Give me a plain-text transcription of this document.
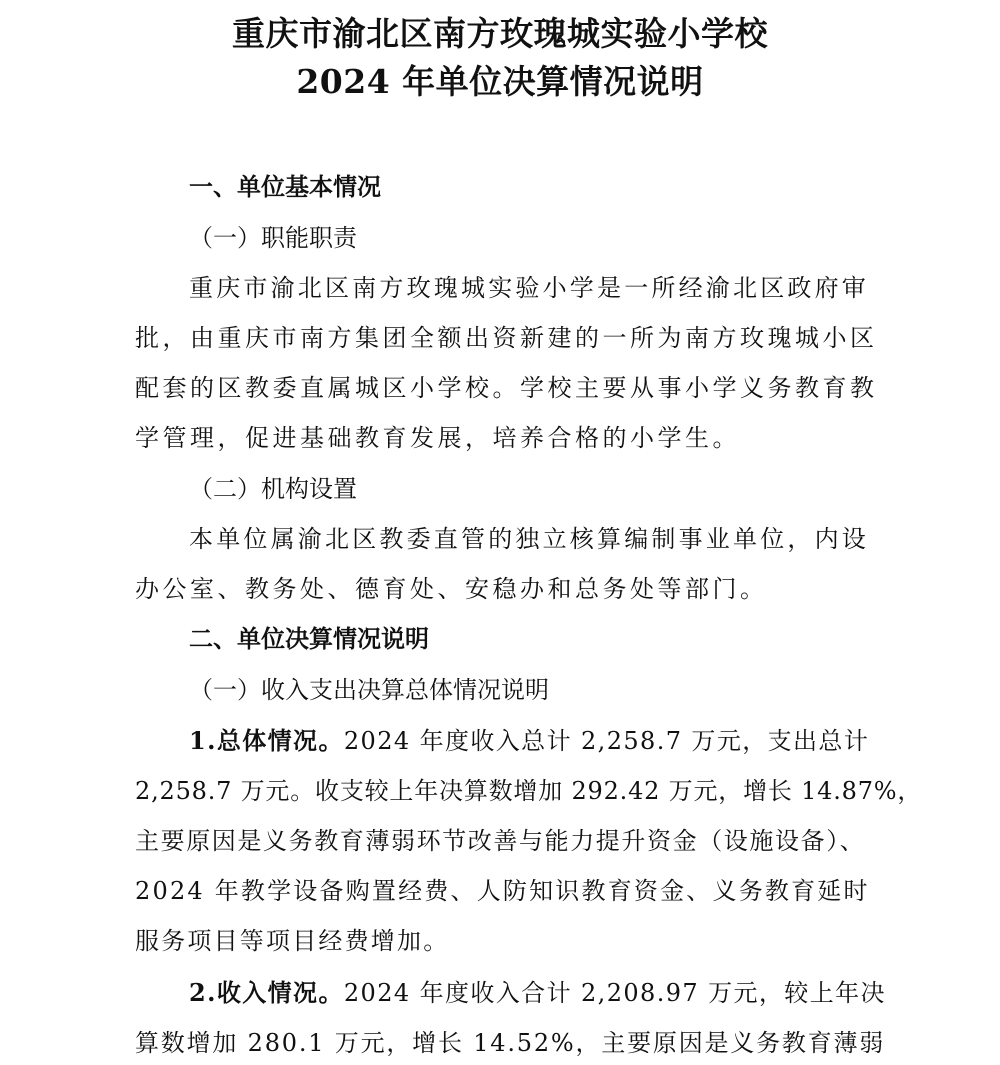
重庆市渝北区南方玫瑰城实验小学校
2024 年单位决算情况说明
一、单位基本情况
（一）职能职责
重庆市渝北区南方玫瑰城实验小学是一所经渝北区政府审
批，由重庆市南方集团全额出资新建的一所为南方玫瑰城小区
配套的区教委直属城区小学校。学校主要从事小学义务教育教
学管理，促进基础教育发展，培养合格的小学生。
（二）机构设置
本单位属渝北区教委直管的独立核算编制事业单位，内设
办公室、教务处、德育处、安稳办和总务处等部门。
二、单位决算情况说明
（一）收入支出决算总体情况说明
1.总体情况。2024 年度收入总计 2,258.7 万元，支出总计
2,258.7 万元。收支较上年决算数增加 292.42 万元，增长 14.87%，
主要原因是义务教育薄弱环节改善与能力提升资金（设施设备）、
2024 年教学设备购置经费、人防知识教育资金、义务教育延时
服务项目等项目经费增加。
2.收入情况。2024 年度收入合计 2,208.97 万元，较上年决
算数增加 280.1 万元，增长 14.52%，主要原因是义务教育薄弱
